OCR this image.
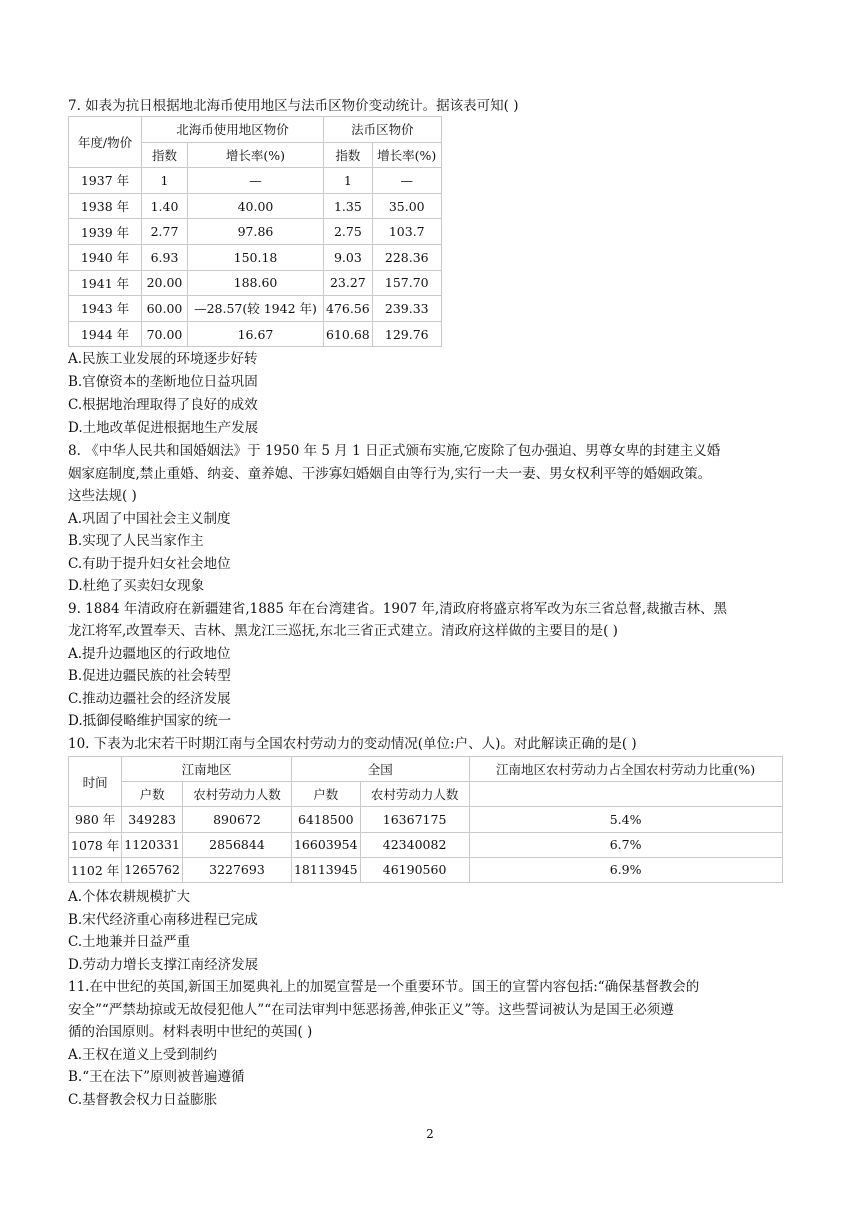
7. 如表为抗日根据地北海币使用地区与法币区物价变动统计。据该表可知( )
年度/物价	北海币使用地区物价		法币区物价	
	指数	增长率(%)	指数	增长率(%)
1937 年	1	—	1	—
1938 年	1.40	40.00	1.35	35.00
1939 年	2.77	97.86	2.75	103.7
1940 年	6.93	150.18	9.03	228.36
1941 年	20.00	188.60	23.27	157.70
1943 年	60.00	—28.57(较 1942 年)	476.56	239.33
1944 年	70.00	16.67	610.68	129.76
A.民族工业发展的环境逐步好转
B.官僚资本的垄断地位日益巩固
C.根据地治理取得了良好的成效
D.土地改革促进根据地生产发展
8. 《中华人民共和国婚姻法》于 1950 年 5 月 1 日正式颁布实施,它废除了包办强迫、男尊女卑的封建主义婚
姻家庭制度,禁止重婚、纳妾、童养媳、干涉寡妇婚姻自由等行为,实行一夫一妻、男女权利平等的婚姻政策。
这些法规( )
A.巩固了中国社会主义制度
B.实现了人民当家作主
C.有助于提升妇女社会地位
D.杜绝了买卖妇女现象
9. 1884 年清政府在新疆建省,1885 年在台湾建省。1907 年,清政府将盛京将军改为东三省总督,裁撤吉林、黑
龙江将军,改置奉天、吉林、黑龙江三巡抚,东北三省正式建立。清政府这样做的主要目的是( )
A.提升边疆地区的行政地位
B.促进边疆民族的社会转型
C.推动边疆社会的经济发展
D.抵御侵略维护国家的统一
10. 下表为北宋若干时期江南与全国农村劳动力的变动情况(单位:户、人)。对此解读正确的是( )
时间	江南地区		全国		江南地区农村劳动力占全国农村劳动力比重(%)
	户数	农村劳动力人数	户数	农村劳动力人数	
980 年	349283	890672	6418500	16367175	5.4%
1078 年	1120331	2856844	16603954	42340082	6.7%
1102 年	1265762	3227693	18113945	46190560	6.9%
A.个体农耕规模扩大
B.宋代经济重心南移进程已完成
C.土地兼并日益严重
D.劳动力增长支撑江南经济发展
11.在中世纪的英国,新国王加冕典礼上的加冕宣誓是一个重要环节。国王的宣誓内容包括:“确保基督教会的
安全”“严禁劫掠或无故侵犯他人”“在司法审判中惩恶扬善,伸张正义”等。这些誓词被认为是国王必须遵
循的治国原则。材料表明中世纪的英国( )
A.王权在道义上受到制约
B.“王在法下”原则被普遍遵循
C.基督教会权力日益膨胀
2
